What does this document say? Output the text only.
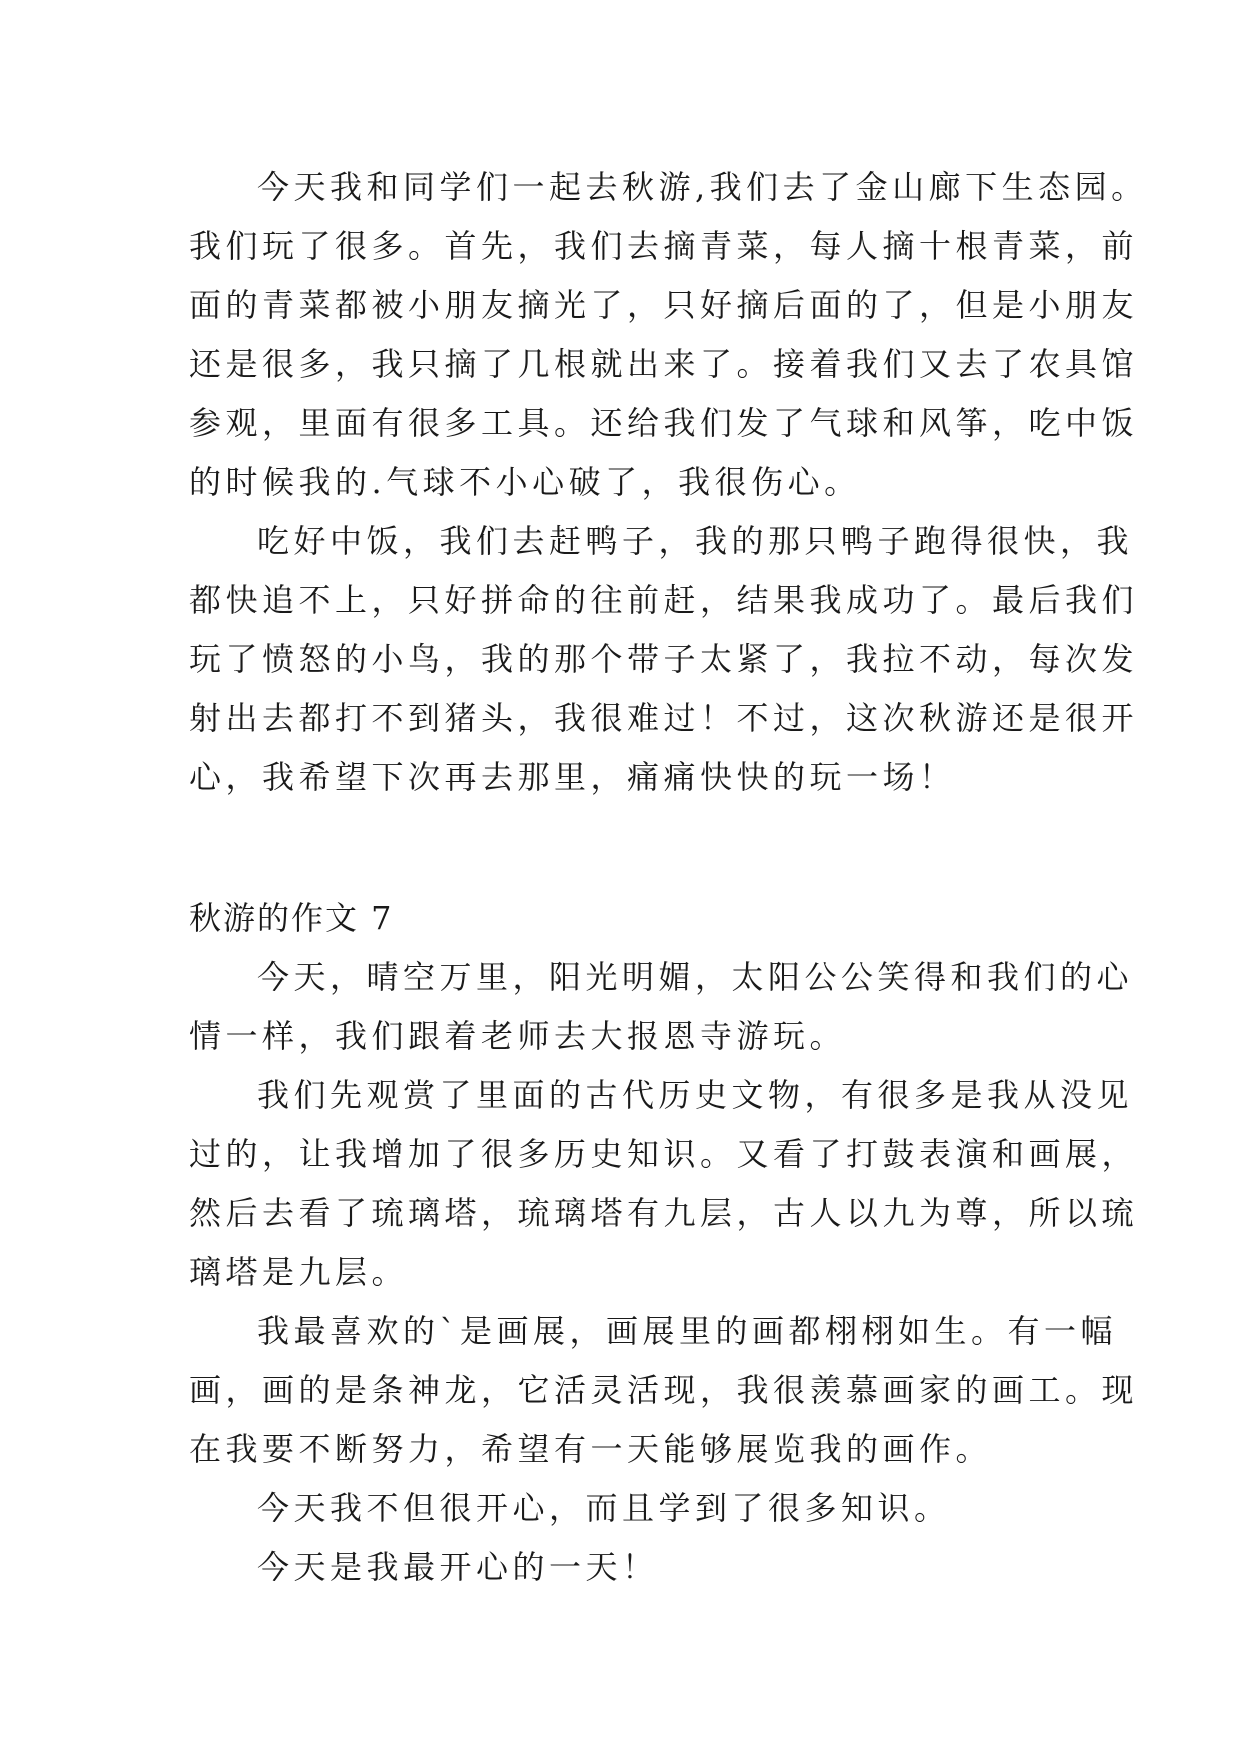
今天我和同学们一起去秋游,我们去了金山廊下生态园。
我们玩了很多。首先，我们去摘青菜，每人摘十根青菜，前
面的青菜都被小朋友摘光了，只好摘后面的了，但是小朋友
还是很多，我只摘了几根就出来了。接着我们又去了农具馆
参观，里面有很多工具。还给我们发了气球和风筝，吃中饭
的时候我的.气球不小心破了，我很伤心。
吃好中饭，我们去赶鸭子，我的那只鸭子跑得很快，我
都快追不上，只好拼命的往前赶，结果我成功了。最后我们
玩了愤怒的小鸟，我的那个带子太紧了，我拉不动，每次发
射出去都打不到猪头，我很难过！不过，这次秋游还是很开
心，我希望下次再去那里，痛痛快快的玩一场！
秋游的作文 7
今天，晴空万里，阳光明媚，太阳公公笑得和我们的心
情一样，我们跟着老师去大报恩寺游玩。
我们先观赏了里面的古代历史文物，有很多是我从没见
过的，让我增加了很多历史知识。又看了打鼓表演和画展，
然后去看了琉璃塔，琉璃塔有九层，古人以九为尊，所以琉
璃塔是九层。
我最喜欢的`是画展，画展里的画都栩栩如生。有一幅
画，画的是条神龙，它活灵活现，我很羡慕画家的画工。现
在我要不断努力，希望有一天能够展览我的画作。
今天我不但很开心，而且学到了很多知识。
今天是我最开心的一天！
